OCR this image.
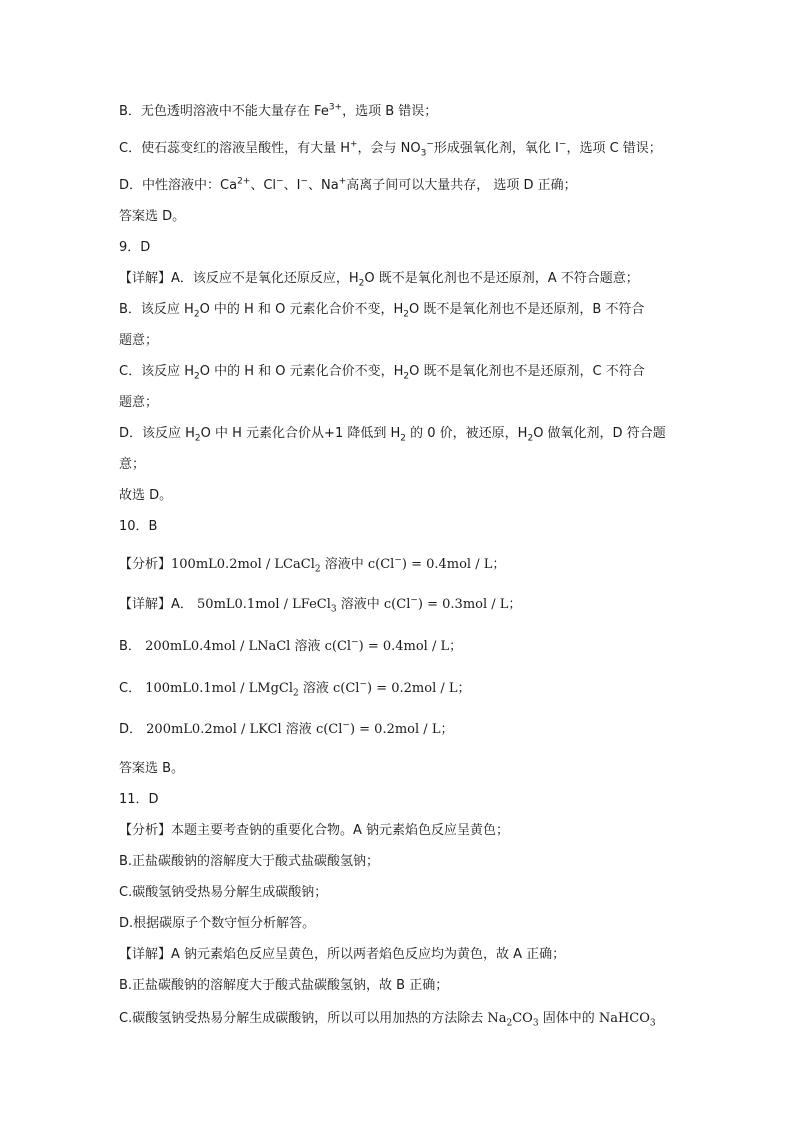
B．无色透明溶液中不能大量存在 $Fe^{3+}$，选项 B 错误；
C．使石蕊变红的溶液呈酸性，有大量 H+，会与 $NO_3^-$形成强氧化剂，氧化 I−，选项 C 错误；
D．中性溶液中：$Ca^{2+}$、Cl−、I−、Na+高离子间可以大量共存， 选项 D 正确；
答案选 D。
9．D
【详解】A．该反应不是氧化还原反应，$H_2O$ 既不是氧化剂也不是还原剂，A 不符合题意；
B．该反应 $H_2O$ 中的 H 和 O 元素化合价不变，$H_2O$ 既不是氧化剂也不是还原剂，B 不符合
题意；
C．该反应 $H_2O$ 中的 H 和 O 元素化合价不变，$H_2O$ 既不是氧化剂也不是还原剂，C 不符合
题意；
D．该反应 $H_2O$ 中 H 元素化合价从+1 降低到 $H_2$ 的 0 价，被还原，$H_2O$ 做氧化剂，D 符合题
意；
故选 D。
10．B
【分析】100mL0.2mol / LCaCl$_2$ 溶液中 c(Cl−) = 0.4mol / L；
【详解】A． 50mL0.1mol / LFeCl$_3$ 溶液中 c(Cl−) = 0.3mol / L；
B． 200mL0.4mol / LNaCl 溶液 c(Cl−) = 0.4mol / L；
C． 100mL0.1mol / LMgCl$_2$ 溶液 c(Cl−) = 0.2mol / L；
D． 200mL0.2mol / LKCl 溶液 c(Cl−) = 0.2mol / L；
答案选 B。
11．D
【分析】本题主要考查钠的重要化合物。A 钠元素焰色反应呈黄色；
B.正盐碳酸钠的溶解度大于酸式盐碳酸氢钠；
C.碳酸氢钠受热易分解生成碳酸钠；
D.根据碳原子个数守恒分析解答。
【详解】A 钠元素焰色反应呈黄色，所以两者焰色反应均为黄色，故 A 正确；
B.正盐碳酸钠的溶解度大于酸式盐碳酸氢钠，故 B 正确；
C.碳酸氢钠受热易分解生成碳酸钠，所以可以用加热的方法除去 $Na_2CO_3$ 固体中的 NaHCO$_3$
